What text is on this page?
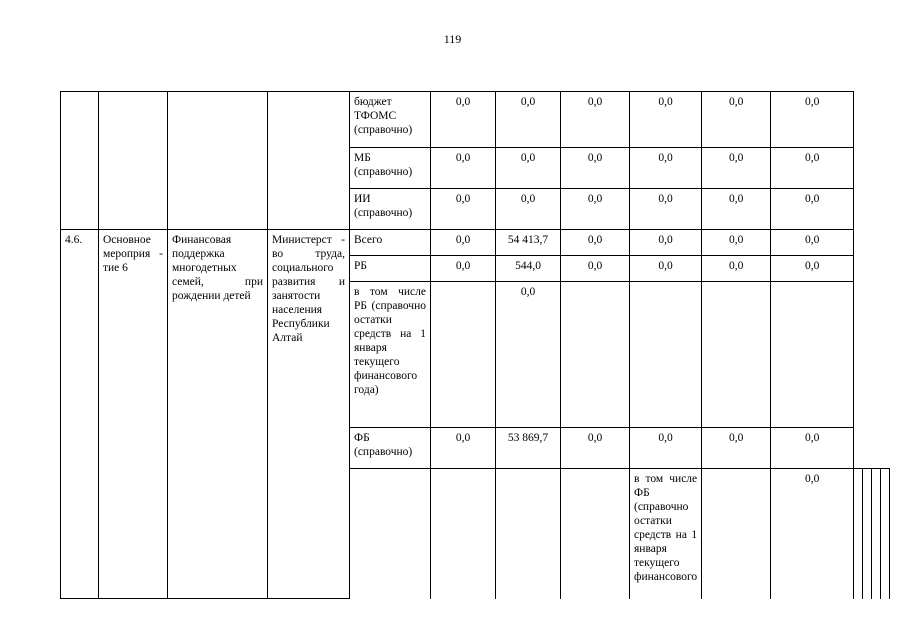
119
				бюджет ТФОМС (справочно)	0,0	0,0	0,0	0,0	0,0	0,0				
				МБ (справочно)	0,0	0,0	0,0	0,0	0,0	0,0				
				ИИ (справочно)	0,0	0,0	0,0	0,0	0,0	0,0				
4.6.	Основное мероприя - тие 6	Финансовая поддержка многодетных семей, при рождении детей	Министерст - во труда, социального развития и занятости населения Республики Алтай	Всего	0,0	54 413,7	0,0	0,0	0,0	0,0				
				РБ	0,0	544,0	0,0	0,0	0,0	0,0				
				в том числе РБ (справочно остатки средств на 1 января текущего финансового года)		0,0								
				ФБ (справочно)	0,0	53 869,7	0,0	0,0	0,0	0,0				
								в том числе ФБ (справочно остатки средств на 1 января текущего финансового		0,0				
